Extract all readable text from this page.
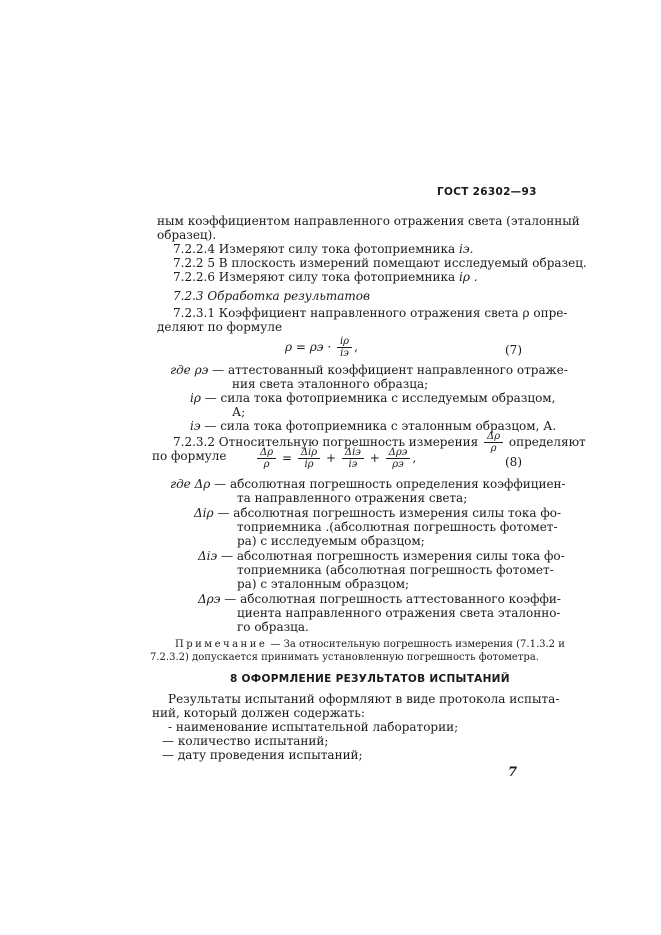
ГОСТ 26302—93
ным коэффициентом направленного отражения света (эталонный
образец).
7.2.2.4 Измеряют силу тока фотоприемника iэ.
7.2.2 5 В плоскость измерений помещают исследуемый образец.
7.2.2.6 Измеряют силу тока фотоприемника iρ .
7.2.3 Обработка результатов
7.2.3.1 Коэффициент направленного отражения света ρ опре-
деляют по формуле
$\rho = \rho э \cdot \frac{i\rho}{iэ}$ ,	(7)
где ρэ — аттестованный коэффициент направленного отраже-
ния света эталонного образца;
iρ — сила тока фотоприемника с исследуемым образцом,
А;
iэ — сила тока фотоприемника с эталонным образцом, А.
7.2.3.2 Относительную погрешность измерения $\frac{\Delta\rho}{\rho}$ определяют
по формуле	$\frac{\Delta\rho}{\rho} = \frac{\text{Δiρ}}{i\rho} + \frac{\text{Δiэ}}{iэ} + \frac{\text{Δρэ}}{\rho э}$ ,	(8)
где Δρ — абсолютная погрешность определения коэффициен-
та направленного отражения света;
Δiρ — абсолютная погрешность измерения силы тока фо-
топриемника .(абсолютная погрешность фотомет-
ра) с исследуемым образцом;
Δiэ — абсолютная погрешность измерения силы тока фо-
топриемника (абсолютная погрешность фотомет-
ра) с эталонным образцом;
Δρэ — абсолютная погрешность аттестованного коэффи-
циента направленного отражения света эталонно-
го образца.
Примечание — За относительную погрешность измерения (7.1.3.2 и
7.2.3.2) допускается принимать установленную погрешность фотометра.
8 ОФОРМЛЕНИЕ РЕЗУЛЬТАТОВ ИСПЫТАНИЙ
Результаты испытаний оформляют в виде протокола испыта-
ний, который должен содержать:
- наименование испытательной лаборатории;
— количество испытаний;
— дату проведения испытаний;
7
